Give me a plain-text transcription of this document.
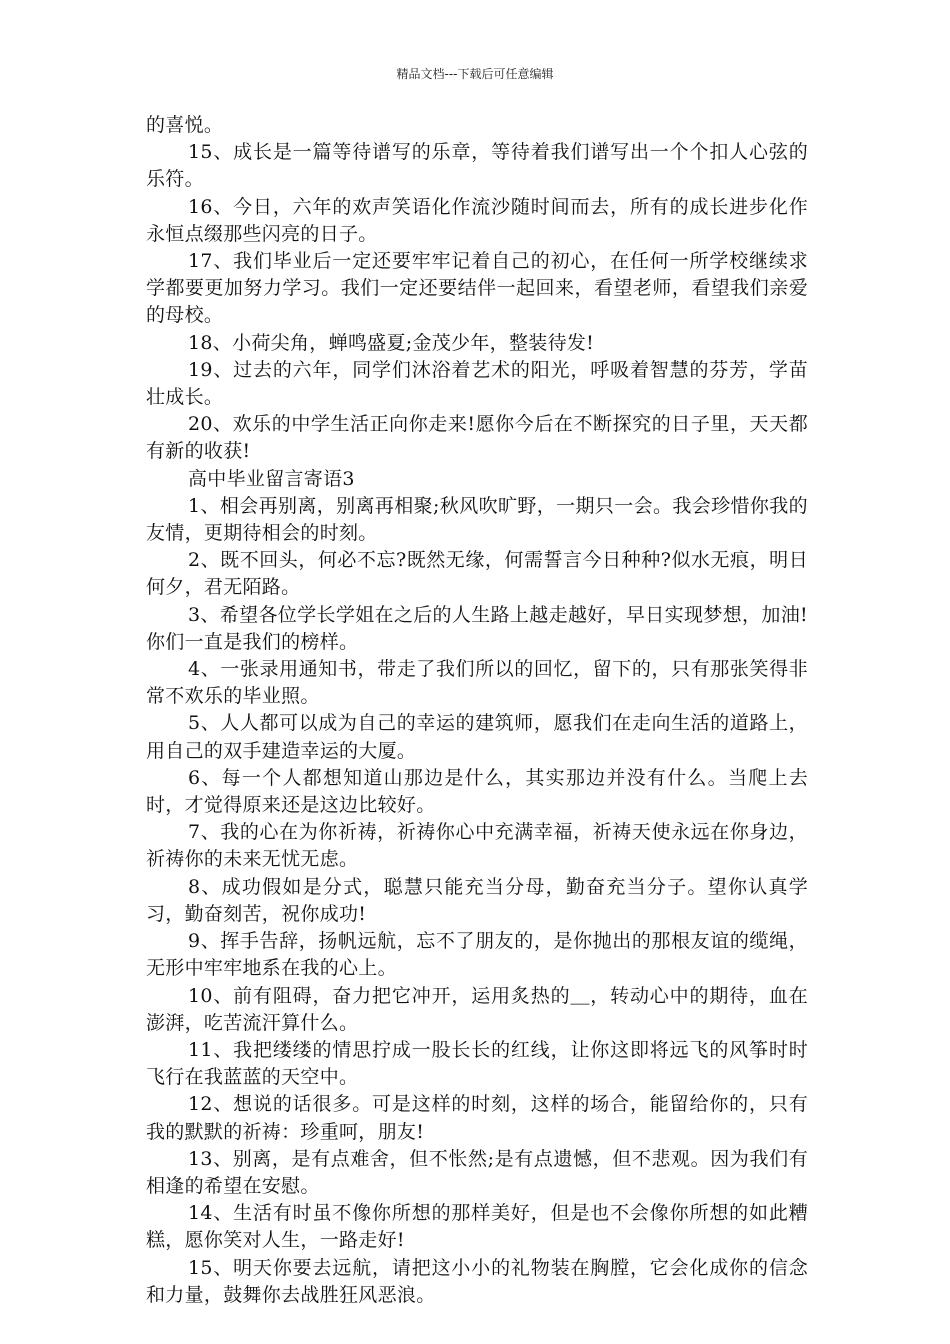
精品文档---下载后可任意编辑

的喜悦。

15、成长是一篇等待谱写的乐章，等待着我们谱写出一个个扣人心弦的乐符。

16、今日，六年的欢声笑语化作流沙随时间而去，所有的成长进步化作永恒点缀那些闪亮的日子。

17、我们毕业后一定还要牢牢记着自己的初心，在任何一所学校继续求学都要更加努力学习。我们一定还要结伴一起回来，看望老师，看望我们亲爱的母校。

18、小荷尖角，蝉鸣盛夏;金茂少年，整装待发!

19、过去的六年，同学们沐浴着艺术的阳光，呼吸着智慧的芬芳，学苗壮成长。

20、欢乐的中学生活正向你走来!愿你今后在不断探究的日子里，天天都有新的收获!

高中毕业留言寄语3

1、相会再别离，别离再相聚;秋风吹旷野，一期只一会。我会珍惜你我的友情，更期待相会的时刻。

2、既不回头，何必不忘?既然无缘，何需誓言今日种种?似水无痕，明日何夕，君无陌路。

3、希望各位学长学姐在之后的人生路上越走越好，早日实现梦想，加油!你们一直是我们的榜样。

4、一张录用通知书，带走了我们所以的回忆，留下的，只有那张笑得非常不欢乐的毕业照。

5、人人都可以成为自己的幸运的建筑师，愿我们在走向生活的道路上，用自己的双手建造幸运的大厦。

6、每一个人都想知道山那边是什么，其实那边并没有什么。当爬上去时，才觉得原来还是这边比较好。

7、我的心在为你祈祷，祈祷你心中充满幸福，祈祷天使永远在你身边，祈祷你的未来无忧无虑。

8、成功假如是分式，聪慧只能充当分母，勤奋充当分子。望你认真学习，勤奋刻苦，祝你成功!

9、挥手告辞，扬帆远航，忘不了朋友的，是你抛出的那根友谊的缆绳，无形中牢牢地系在我的心上。

10、前有阻碍，奋力把它冲开，运用炙热的＿，转动心中的期待，血在澎湃，吃苦流汗算什么。

11、我把缕缕的情思拧成一股长长的红线，让你这即将远飞的风筝时时飞行在我蓝蓝的天空中。

12、想说的话很多。可是这样的时刻，这样的场合，能留给你的，只有我的默默的祈祷：珍重呵，朋友!

13、别离，是有点难舍，但不怅然;是有点遗憾，但不悲观。因为我们有相逢的希望在安慰。

14、生活有时虽不像你所想的那样美好，但是也不会像你所想的如此糟糕，愿你笑对人生，一路走好!

15、明天你要去远航，请把这小小的礼物装在胸膛，它会化成你的信念和力量，鼓舞你去战胜狂风恶浪。
